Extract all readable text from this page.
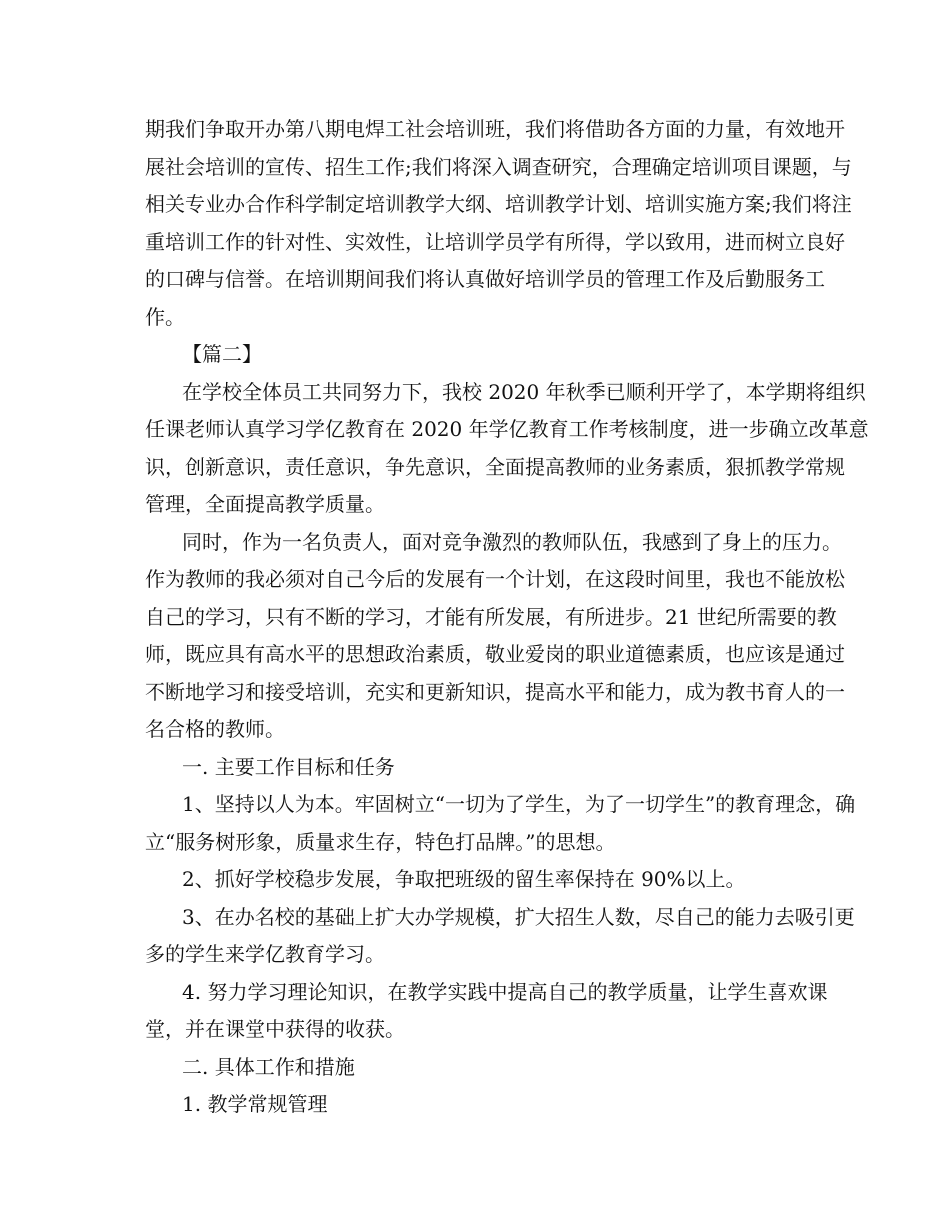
期我们争取开办第八期电焊工社会培训班，我们将借助各方面的力量，有效地开
展社会培训的宣传、招生工作;我们将深入调查研究，合理确定培训项目课题，与
相关专业办合作科学制定培训教学大纲、培训教学计划、培训实施方案;我们将注
重培训工作的针对性、实效性，让培训学员学有所得，学以致用，进而树立良好
的口碑与信誉。在培训期间我们将认真做好培训学员的管理工作及后勤服务工
作。
【篇二】
在学校全体员工共同努力下，我校 2020 年秋季已顺利开学了，本学期将组织
任课老师认真学习学亿教育在 2020 年学亿教育工作考核制度，进一步确立改革意
识，创新意识，责任意识，争先意识，全面提高教师的业务素质，狠抓教学常规
管理，全面提高教学质量。
同时，作为一名负责人，面对竞争激烈的教师队伍，我感到了身上的压力。
作为教师的我必须对自己今后的发展有一个计划，在这段时间里，我也不能放松
自己的学习，只有不断的学习，才能有所发展，有所进步。21 世纪所需要的教
师，既应具有高水平的思想政治素质，敬业爱岗的职业道德素质，也应该是通过
不断地学习和接受培训，充实和更新知识，提高水平和能力，成为教书育人的一
名合格的教师。
一. 主要工作目标和任务
1、坚持以人为本。牢固树立“一切为了学生，为了一切学生”的教育理念，确
立“服务树形象，质量求生存，特色打品牌。”的思想。
2、抓好学校稳步发展，争取把班级的留生率保持在 90%以上。
3、在办名校的基础上扩大办学规模，扩大招生人数，尽自己的能力去吸引更
多的学生来学亿教育学习。
4. 努力学习理论知识，在教学实践中提高自己的教学质量，让学生喜欢课
堂，并在课堂中获得的收获。
二. 具体工作和措施
1. 教学常规管理
